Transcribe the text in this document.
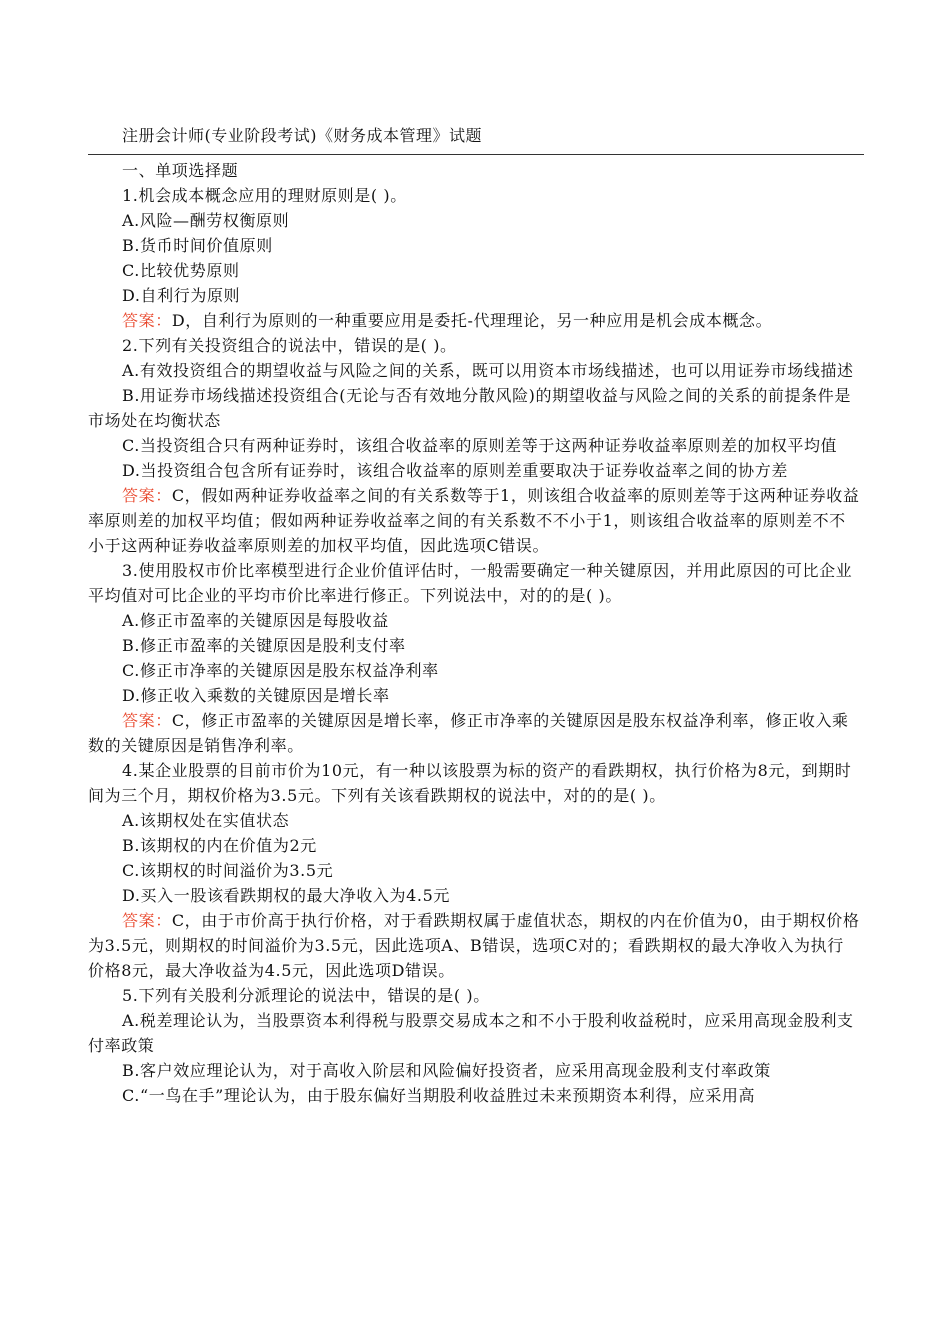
注册会计师(专业阶段考试)《财务成本管理》试题

一、单项选择题

1.机会成本概念应用的理财原则是( )。

A.风险—酬劳权衡原则

B.货币时间价值原则

C.比较优势原则

D.自利行为原则

答案：D，自利行为原则的一种重要应用是委托-代理理论，另一种应用是机会成本概念。

2.下列有关投资组合的说法中，错误的是( )。

A.有效投资组合的期望收益与风险之间的关系，既可以用资本市场线描述，也可以用证券市场线描述

B.用证券市场线描述投资组合(无论与否有效地分散风险)的期望收益与风险之间的关系的前提条件是市场处在均衡状态

C.当投资组合只有两种证券时，该组合收益率的原则差等于这两种证券收益率原则差的加权平均值

D.当投资组合包含所有证券时，该组合收益率的原则差重要取决于证券收益率之间的协方差

答案：C，假如两种证券收益率之间的有关系数等于1，则该组合收益率的原则差等于这两种证券收益率原则差的加权平均值；假如两种证券收益率之间的有关系数不不小于1，则该组合收益率的原则差不不小于这两种证券收益率原则差的加权平均值，因此选项C错误。

3.使用股权市价比率模型进行企业价值评估时，一般需要确定一种关键原因，并用此原因的可比企业平均值对可比企业的平均市价比率进行修正。下列说法中，对的的是( )。

A.修正市盈率的关键原因是每股收益

B.修正市盈率的关键原因是股利支付率

C.修正市净率的关键原因是股东权益净利率

D.修正收入乘数的关键原因是增长率

答案：C，修正市盈率的关键原因是增长率，修正市净率的关键原因是股东权益净利率，修正收入乘数的关键原因是销售净利率。

4.某企业股票的目前市价为10元，有一种以该股票为标的资产的看跌期权，执行价格为8元，到期时间为三个月，期权价格为3.5元。下列有关该看跌期权的说法中，对的的是( )。

A.该期权处在实值状态

B.该期权的内在价值为2元

C.该期权的时间溢价为3.5元

D.买入一股该看跌期权的最大净收入为4.5元

答案：C，由于市价高于执行价格，对于看跌期权属于虚值状态，期权的内在价值为0，由于期权价格为3.5元，则期权的时间溢价为3.5元，因此选项A、B错误，选项C对的；看跌期权的最大净收入为执行价格8元，最大净收益为4.5元，因此选项D错误。

5.下列有关股利分派理论的说法中，错误的是( )。

A.税差理论认为，当股票资本利得税与股票交易成本之和不小于股利收益税时，应采用高现金股利支付率政策

B.客户效应理论认为，对于高收入阶层和风险偏好投资者，应采用高现金股利支付率政策

C.“一鸟在手”理论认为，由于股东偏好当期股利收益胜过未来预期资本利得，应采用高
